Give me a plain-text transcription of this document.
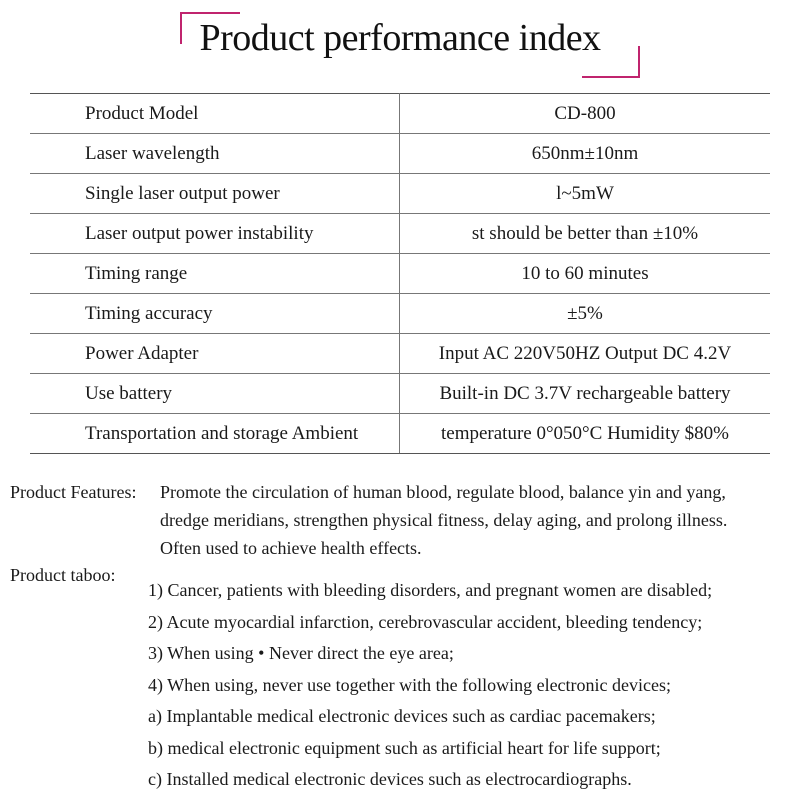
Product performance index
Product Model	CD-800
Laser wavelength	650nm±10nm
Single laser output power	l~5mW
Laser output power instability	st should be better than ±10%
Timing range	10 to 60 minutes
Timing accuracy	±5%
Power Adapter	Input AC 220V50HZ Output DC 4.2V
Use battery	Built-in DC 3.7V rechargeable battery
Transportation and storage Ambient	temperature 0°050°C Humidity $80%
Product Features: Promote the circulation of human blood, regulate blood, balance yin and yang,
dredge meridians, strengthen physical fitness, delay aging, and prolong illness.
Often used to achieve health effects.
Product taboo:
1) Cancer, patients with bleeding disorders, and pregnant women are disabled;
2) Acute myocardial infarction, cerebrovascular accident, bleeding tendency;
3) When using • Never direct the eye area;
4) When using, never use together with the following electronic devices;
a) Implantable medical electronic devices such as cardiac pacemakers;
b) medical electronic equipment such as artificial heart for life support;
c) Installed medical electronic devices such as electrocardiographs.
